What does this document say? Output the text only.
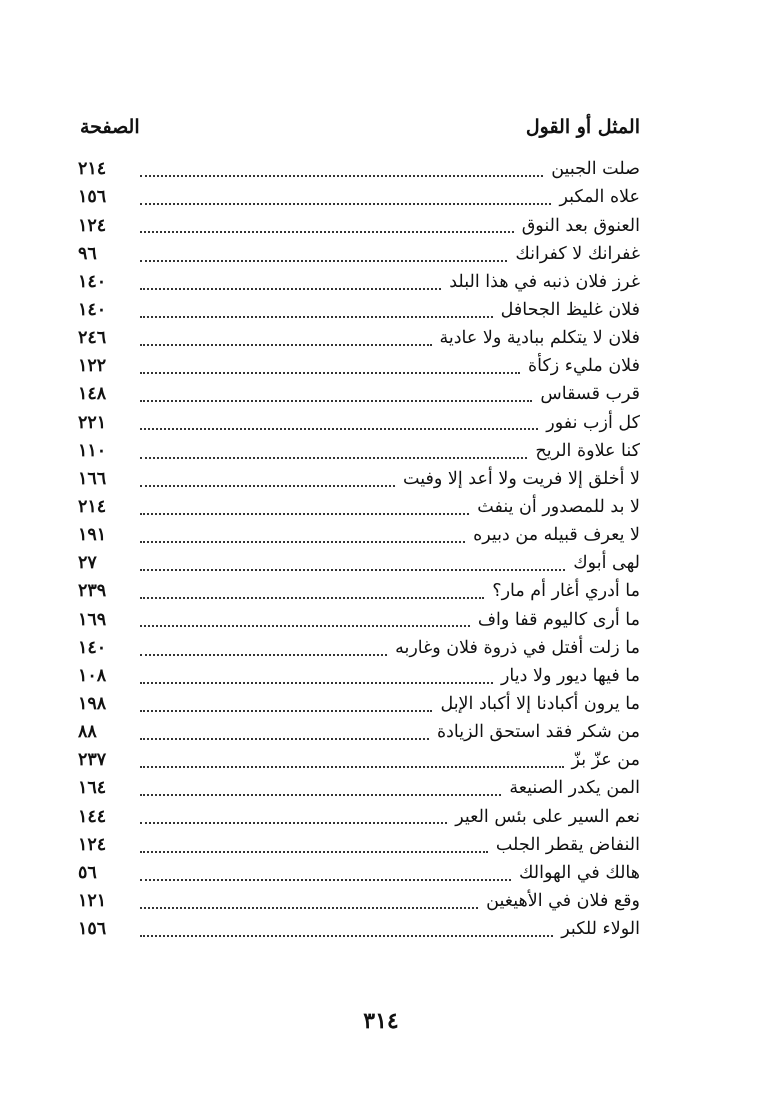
المثل أو القول
الصفحة
صلت الجبين
٢١٤
علاه المكبر
١٥٦
العنوق بعد النوق
١٢٤
غفرانك لا كفرانك
٩٦
غرز فلان ذنبه في هذا البلد
١٤٠
فلان غليظ الجحافل
١٤٠
فلان لا يتكلم ببادية ولا عادية
٢٤٦
فلان مليء زكأة
١٢٢
قرب قسقاس
١٤٨
كل أزب نفور
٢٢١
كنا علاوة الريح
١١٠
لا أخلق إلا فريت ولا أعد إلا وفيت
١٦٦
لا بد للمصدور أن ينفث
٢١٤
لا يعرف قبيله من دبيره
١٩١
لهى أبوك
٢٧
ما أدري أغار أم مار؟
٢٣٩
ما أرى كاليوم قفا واف
١٦٩
ما زلت أفتل في ذروة فلان وغاربه
١٤٠
ما فيها ديور ولا ديار
١٠٨
ما يرون أكبادنا إلا أكباد الإبل
١٩٨
من شكر فقد استحق الزيادة
٨٨
من عزّ بزّ
٢٣٧
المن يكدر الصنيعة
١٦٤
نعم السير على بئس العير
١٤٤
النفاض يقطر الجلب
١٢٤
هالك في الهوالك
٥٦
وقع فلان في الأهيغين
١٢١
الولاء للكبر
١٥٦
٣١٤
